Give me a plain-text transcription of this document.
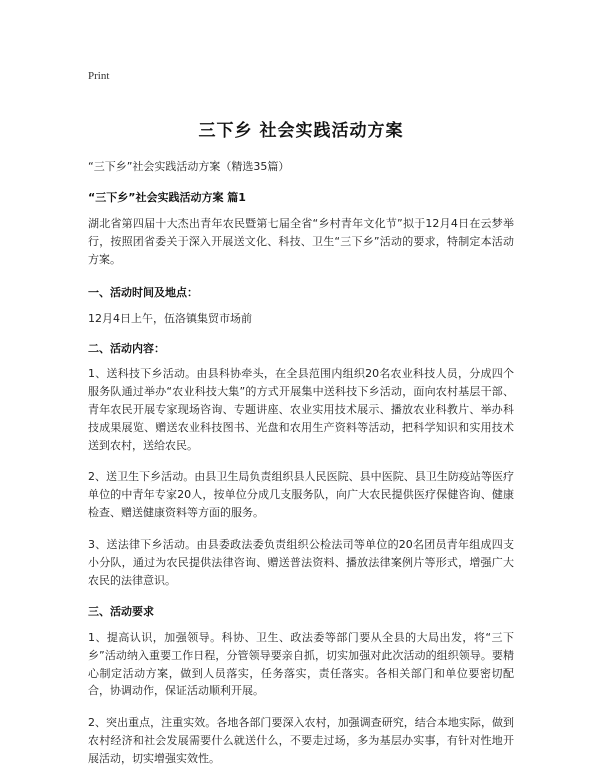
Print
三下乡 社会实践活动方案
“三下乡”社会实践活动方案（精选35篇）
“三下乡”社会实践活动方案 篇1

湖北省第四届十大杰出青年农民暨第七届全省“乡村青年文化节”拟于12月4日在云梦举行，按照团省委关于深入开展送文化、科技、卫生“三下乡”活动的要求，特制定本活动方案。

一、活动时间及地点：

12月4日上午，伍洛镇集贸市场前

二、活动内容：

1、送科技下乡活动。由县科协牵头，在全县范围内组织20名农业科技人员，分成四个服务队通过举办“农业科技大集”的方式开展集中送科技下乡活动，面向农村基层干部、青年农民开展专家现场咨询、专题讲座、农业实用技术展示、播放农业科教片、举办科技成果展览、赠送农业科技图书、光盘和农用生产资料等活动，把科学知识和实用技术送到农村，送给农民。

2、送卫生下乡活动。由县卫生局负责组织县人民医院、县中医院、县卫生防疫站等医疗单位的中青年专家20人，按单位分成几支服务队，向广大农民提供医疗保健咨询、健康检查、赠送健康资料等方面的服务。

3、送法律下乡活动。由县委政法委负责组织公检法司等单位的20名团员青年组成四支小分队，通过为农民提供法律咨询、赠送普法资料、播放法律案例片等形式，增强广大农民的法律意识。

三、活动要求

1、提高认识，加强领导。科协、卫生、政法委等部门要从全县的大局出发，将“三下乡”活动纳入重要工作日程，分管领导要亲自抓，切实加强对此次活动的组织领导。要精心制定活动方案，做到人员落实，任务落实，责任落实。各相关部门和单位要密切配合，协调动作，保证活动顺利开展。

2、突出重点，注重实效。各地各部门要深入农村，加强调查研究，结合本地实际，做到农村经济和社会发展需要什么就送什么，不要走过场，多为基层办实事，有针对性地开展活动，切实增强实效性。
